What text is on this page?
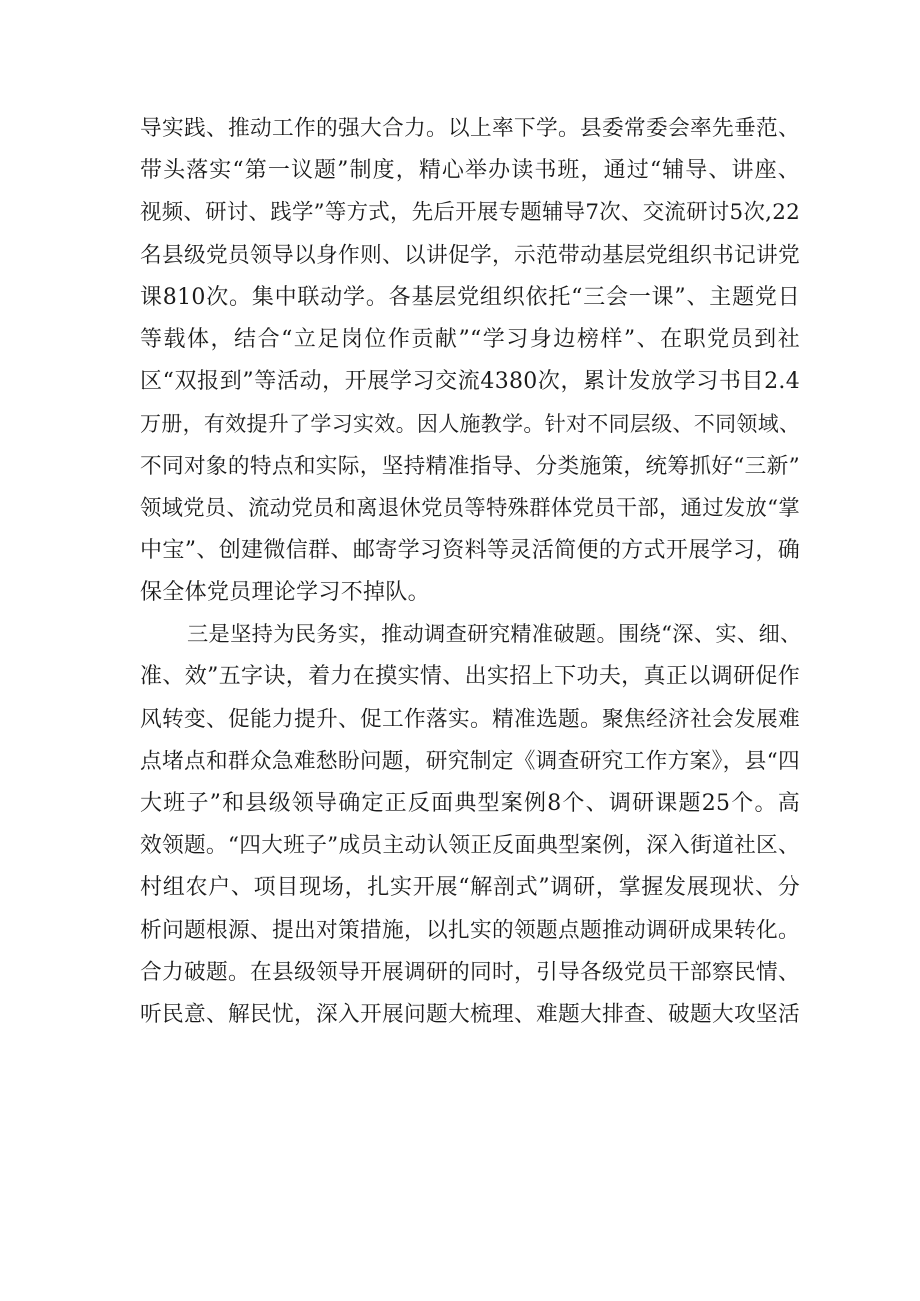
导实践、推动工作的强大合力。以上率下学。县委常委会率先垂范、
带头落实“第一议题”制度，精心举办读书班，通过“辅导、讲座、
视频、研讨、践学”等方式，先后开展专题辅导7次、交流研讨5次,22
名县级党员领导以身作则、以讲促学，示范带动基层党组织书记讲党
课810次。集中联动学。各基层党组织依托“三会一课”、主题党日
等载体，结合“立足岗位作贡献”“学习身边榜样”、在职党员到社
区“双报到”等活动，开展学习交流4380次，累计发放学习书目2.4
万册，有效提升了学习实效。因人施教学。针对不同层级、不同领域、
不同对象的特点和实际，坚持精准指导、分类施策，统筹抓好“三新”
领域党员、流动党员和离退休党员等特殊群体党员干部，通过发放“掌
中宝”、创建微信群、邮寄学习资料等灵活简便的方式开展学习，确
保全体党员理论学习不掉队。
三是坚持为民务实，推动调查研究精准破题。围绕“深、实、细、
准、效”五字诀，着力在摸实情、出实招上下功夫，真正以调研促作
风转变、促能力提升、促工作落实。精准选题。聚焦经济社会发展难
点堵点和群众急难愁盼问题，研究制定《调查研究工作方案》，县“四
大班子”和县级领导确定正反面典型案例8个、调研课题25个。高
效领题。“四大班子”成员主动认领正反面典型案例，深入街道社区、
村组农户、项目现场，扎实开展“解剖式”调研，掌握发展现状、分
析问题根源、提出对策措施，以扎实的领题点题推动调研成果转化。
合力破题。在县级领导开展调研的同时，引导各级党员干部察民情、
听民意、解民忧，深入开展问题大梳理、难题大排查、破题大攻坚活
